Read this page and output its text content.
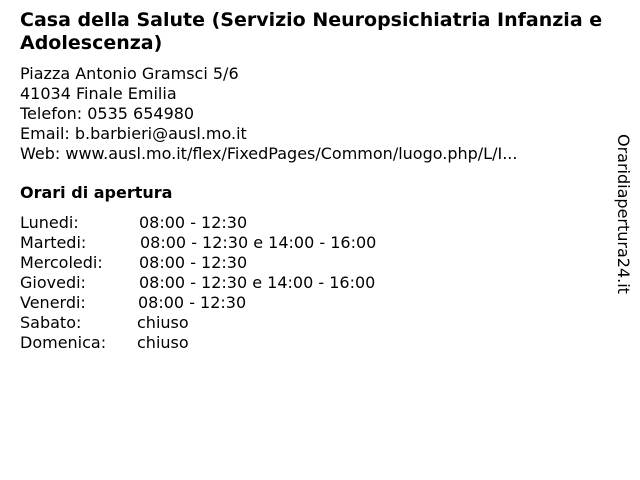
Casa della Salute (Servizio Neuropsichiatria Infanzia e Adolescenza)
Piazza Antonio Gramsci 5/6
41034 Finale Emilia
Telefon: 0535 654980
Email: b.barbieri@ausl.mo.it
Web: www.ausl.mo.it/flex/FixedPages/Common/luogo.php/L/I...
Orari di apertura
Lunedi:	08:00 - 12:30
Martedi:	08:00 - 12:30 e 14:00 - 16:00
Mercoledi: 08:00 - 12:30
Giovedi:	08:00 - 12:30 e 14:00 - 16:00
Venerdi:	08:00 - 12:30
Sabato:	chiuso
Domenica: chiuso
Oraridiapertura24.it
